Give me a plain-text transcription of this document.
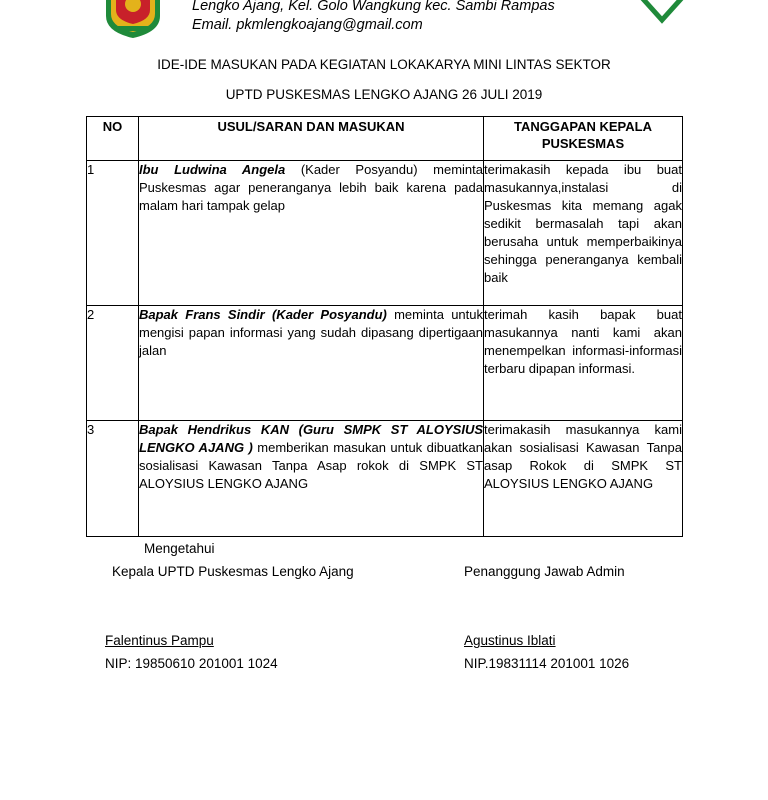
Lengko Ajang, Kel. Golo Wangkung kec. Sambi Rampas
Email. pkmlengkoajang@gmail.com
IDE-IDE MASUKAN PADA KEGIATAN LOKAKARYA MINI LINTAS SEKTOR
UPTD PUSKESMAS LENGKO AJANG 26 JULI 2019
NO	USUL/SARAN DAN MASUKAN	TANGGAPAN KEPALA PUSKESMAS
1	Ibu Ludwina Angela (Kader Posyandu) meminta Puskesmas agar peneranganya lebih baik karena pada malam hari tampak gelap	terimakasih kepada ibu buat masukannya,instalasi di Puskesmas kita memang agak sedikit bermasalah tapi akan berusaha untuk memperbaikinya sehingga peneranganya kembali baik
2	Bapak Frans Sindir (Kader Posyandu) meminta untuk mengisi papan informasi yang sudah dipasang dipertigaan jalan	terimah kasih bapak buat masukannya nanti kami akan menempelkan informasi-informasi terbaru dipapan informasi.
3	Bapak Hendrikus KAN (Guru SMPK ST ALOYSIUS LENGKO AJANG ) memberikan masukan untuk dibuatkan sosialisasi Kawasan Tanpa Asap rokok di SMPK ST ALOYSIUS LENGKO AJANG	terimakasih masukannya kami akan sosialisasi Kawasan Tanpa asap Rokok di SMPK ST ALOYSIUS LENGKO AJANG
Mengetahui
Kepala UPTD Puskesmas Lengko Ajang	Penanggung Jawab Admin
Falentinus Pampu	Agustinus Iblati
NIP: 19850610 201001 1024	NIP.19831114 201001 1026
